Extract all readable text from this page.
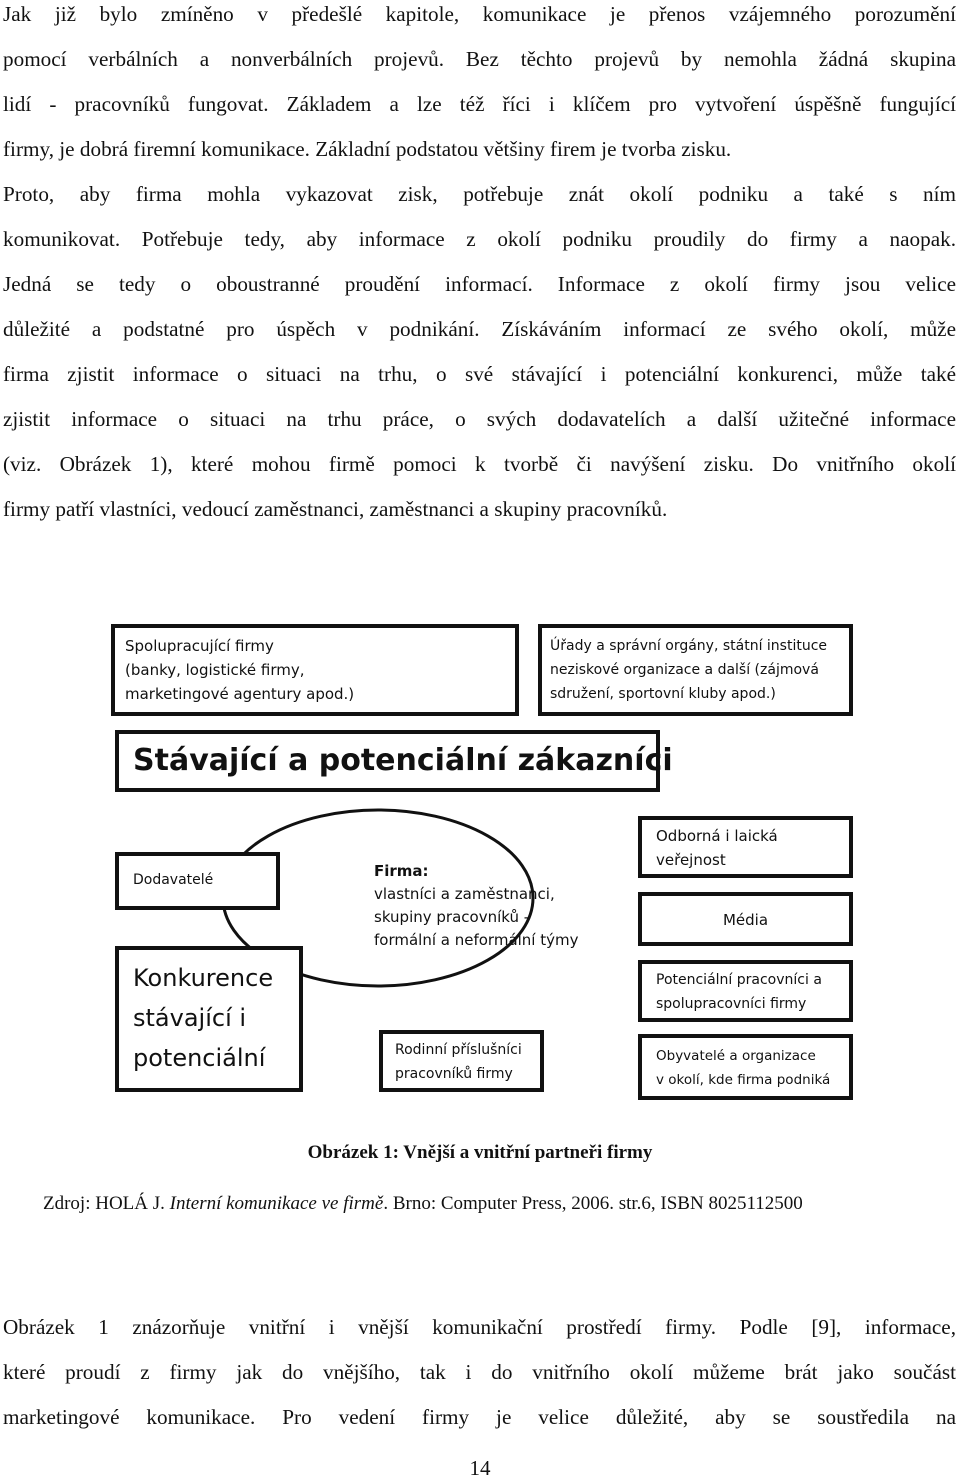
Jak již bylo zmíněno v předešlé kapitole, komunikace je přenos vzájemného porozumění
pomocí verbálních a nonverbálních projevů. Bez těchto projevů by nemohla žádná skupina
lidí - pracovníků fungovat. Základem a lze též říci i klíčem pro vytvoření úspěšně fungující
firmy, je dobrá firemní komunikace. Základní podstatou většiny firem je tvorba zisku.
Proto, aby firma mohla vykazovat zisk, potřebuje znát okolí podniku a také s ním
komunikovat. Potřebuje tedy, aby informace z okolí podniku proudily do firmy a naopak.
Jedná se tedy o oboustranné proudění informací. Informace z okolí firmy jsou velice
důležité a podstatné pro úspěch v podnikání. Získáváním informací ze svého okolí, může
firma zjistit informace o situaci na trhu, o své stávající i potenciální konkurenci, může také
zjistit informace o situaci na trhu práce, o svých dodavatelích a další užitečné informace
(viz. Obrázek 1), které mohou firmě pomoci k tvorbě či navýšení zisku. Do vnitřního okolí
firmy patří vlastníci, vedoucí zaměstnanci, zaměstnanci a skupiny pracovníků.
Spolupracující firmy
(banky, logistické firmy,
marketingové agentury apod.)
Úřady a správní orgány, státní instituce
neziskové organizace a další (zájmová
sdružení, sportovní kluby apod.)
Stávající a potenciální zákazníci
Odborná i laická
veřejnost
Dodavatelé	Firma:
vlastníci a zaměstnanci,
skupiny pracovníků -
formální a neformální týmy
Média
Konkurence
stávající i
potenciální
Potenciální pracovníci a
spolupracovníci firmy
Rodinní příslušníci
pracovníků firmy
Obyvatelé a organizace
v okolí, kde firma podniká
Obrázek 1: Vnější a vnitřní partneři firmy
Zdroj: HOLÁ J. Interní komunikace ve firmě. Brno: Computer Press, 2006. str.6, ISBN 8025112500
Obrázek 1 znázorňuje vnitřní i vnější komunikační prostředí firmy. Podle [9], informace,
které proudí z firmy jak do vnějšího, tak i do vnitřního okolí můžeme brát jako součást
marketingové komunikace. Pro vedení firmy je velice důležité, aby se soustředila na
14
